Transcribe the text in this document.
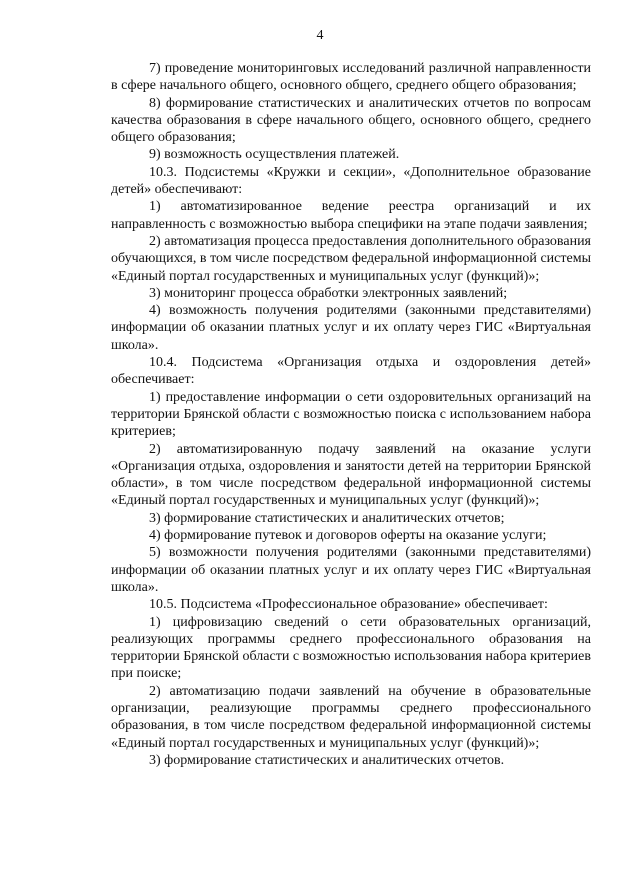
4

7) проведение мониторинговых исследований различной направленности в сфере начального общего, основного общего, среднего общего образования;

8) формирование статистических и аналитических отчетов по вопросам качества образования в сфере начального общего, основного общего, среднего общего образования;

9) возможность осуществления платежей.

10.3. Подсистемы «Кружки и секции», «Дополнительное образование детей» обеспечивают:

1) автоматизированное ведение реестра организаций и их направленность с возможностью выбора специфики на этапе подачи заявления;

2) автоматизация процесса предоставления дополнительного образования обучающихся, в том числе посредством федеральной информационной системы «Единый портал государственных и муниципальных услуг (функций)»;

3) мониторинг процесса обработки электронных заявлений;

4) возможность получения родителями (законными представителями) информации об оказании платных услуг и их оплату через ГИС «Виртуальная школа».

10.4. Подсистема «Организация отдыха и оздоровления детей» обеспечивает:

1) предоставление информации о сети оздоровительных организаций на территории Брянской области с возможностью поиска с использованием набора критериев;

2) автоматизированную подачу заявлений на оказание услуги «Организация отдыха, оздоровления и занятости детей на территории Брянской области», в том числе посредством федеральной информационной системы «Единый портал государственных и муниципальных услуг (функций)»;

3) формирование статистических и аналитических отчетов;

4) формирование путевок и договоров оферты на оказание услуги;

5) возможности получения родителями (законными представителями) информации об оказании платных услуг и их оплату через ГИС «Виртуальная школа».

10.5. Подсистема «Профессиональное образование» обеспечивает:

1) цифровизацию сведений о сети образовательных организаций, реализующих программы среднего профессионального образования на территории Брянской области с возможностью использования набора критериев при поиске;

2) автоматизацию подачи заявлений на обучение в образовательные организации, реализующие программы среднего профессионального образования, в том числе посредством федеральной информационной системы «Единый портал государственных и муниципальных услуг (функций)»;

3) формирование статистических и аналитических отчетов.
